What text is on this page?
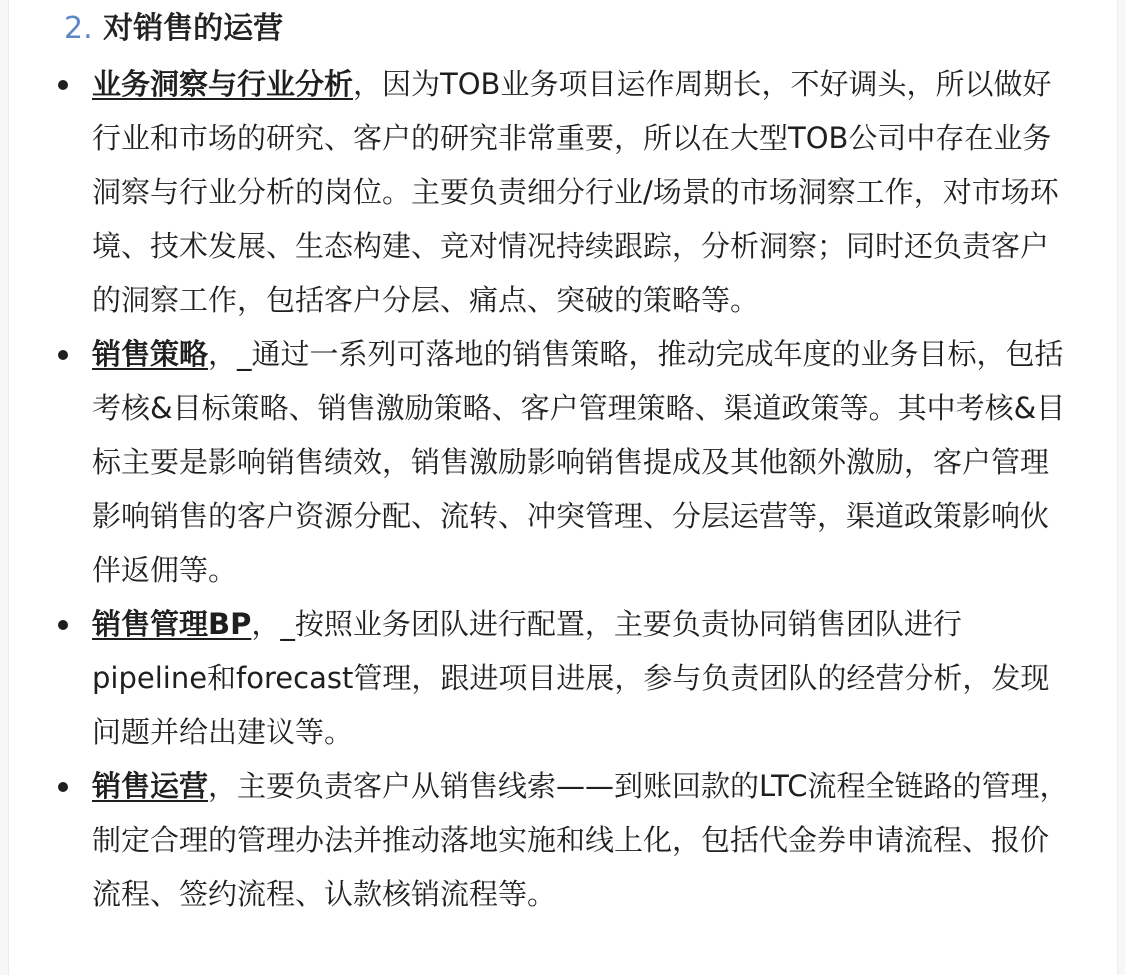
2. 对销售的运营
业务洞察与行业分析，因为TOB业务项目运作周期长，不好调头，所以做好行业和市场的研究、客户的研究非常重要，所以在大型TOB公司中存在业务洞察与行业分析的岗位。主要负责细分行业/场景的市场洞察工作，对市场环境、技术发展、生态构建、竞对情况持续跟踪，分析洞察；同时还负责客户的洞察工作，包括客户分层、痛点、突破的策略等。
销售策略，_通过一系列可落地的销售策略，推动完成年度的业务目标，包括考核&目标策略、销售激励策略、客户管理策略、渠道政策等。其中考核&目标主要是影响销售绩效，销售激励影响销售提成及其他额外激励，客户管理影响销售的客户资源分配、流转、冲突管理、分层运营等，渠道政策影响伙伴返佣等。
销售管理BP，_按照业务团队进行配置，主要负责协同销售团队进行pipeline和forecast管理，跟进项目进展，参与负责团队的经营分析，发现问题并给出建议等。
销售运营，主要负责客户从销售线索——到账回款的LTC流程全链路的管理，制定合理的管理办法并推动落地实施和线上化，包括代金券申请流程、报价流程、签约流程、认款核销流程等。
